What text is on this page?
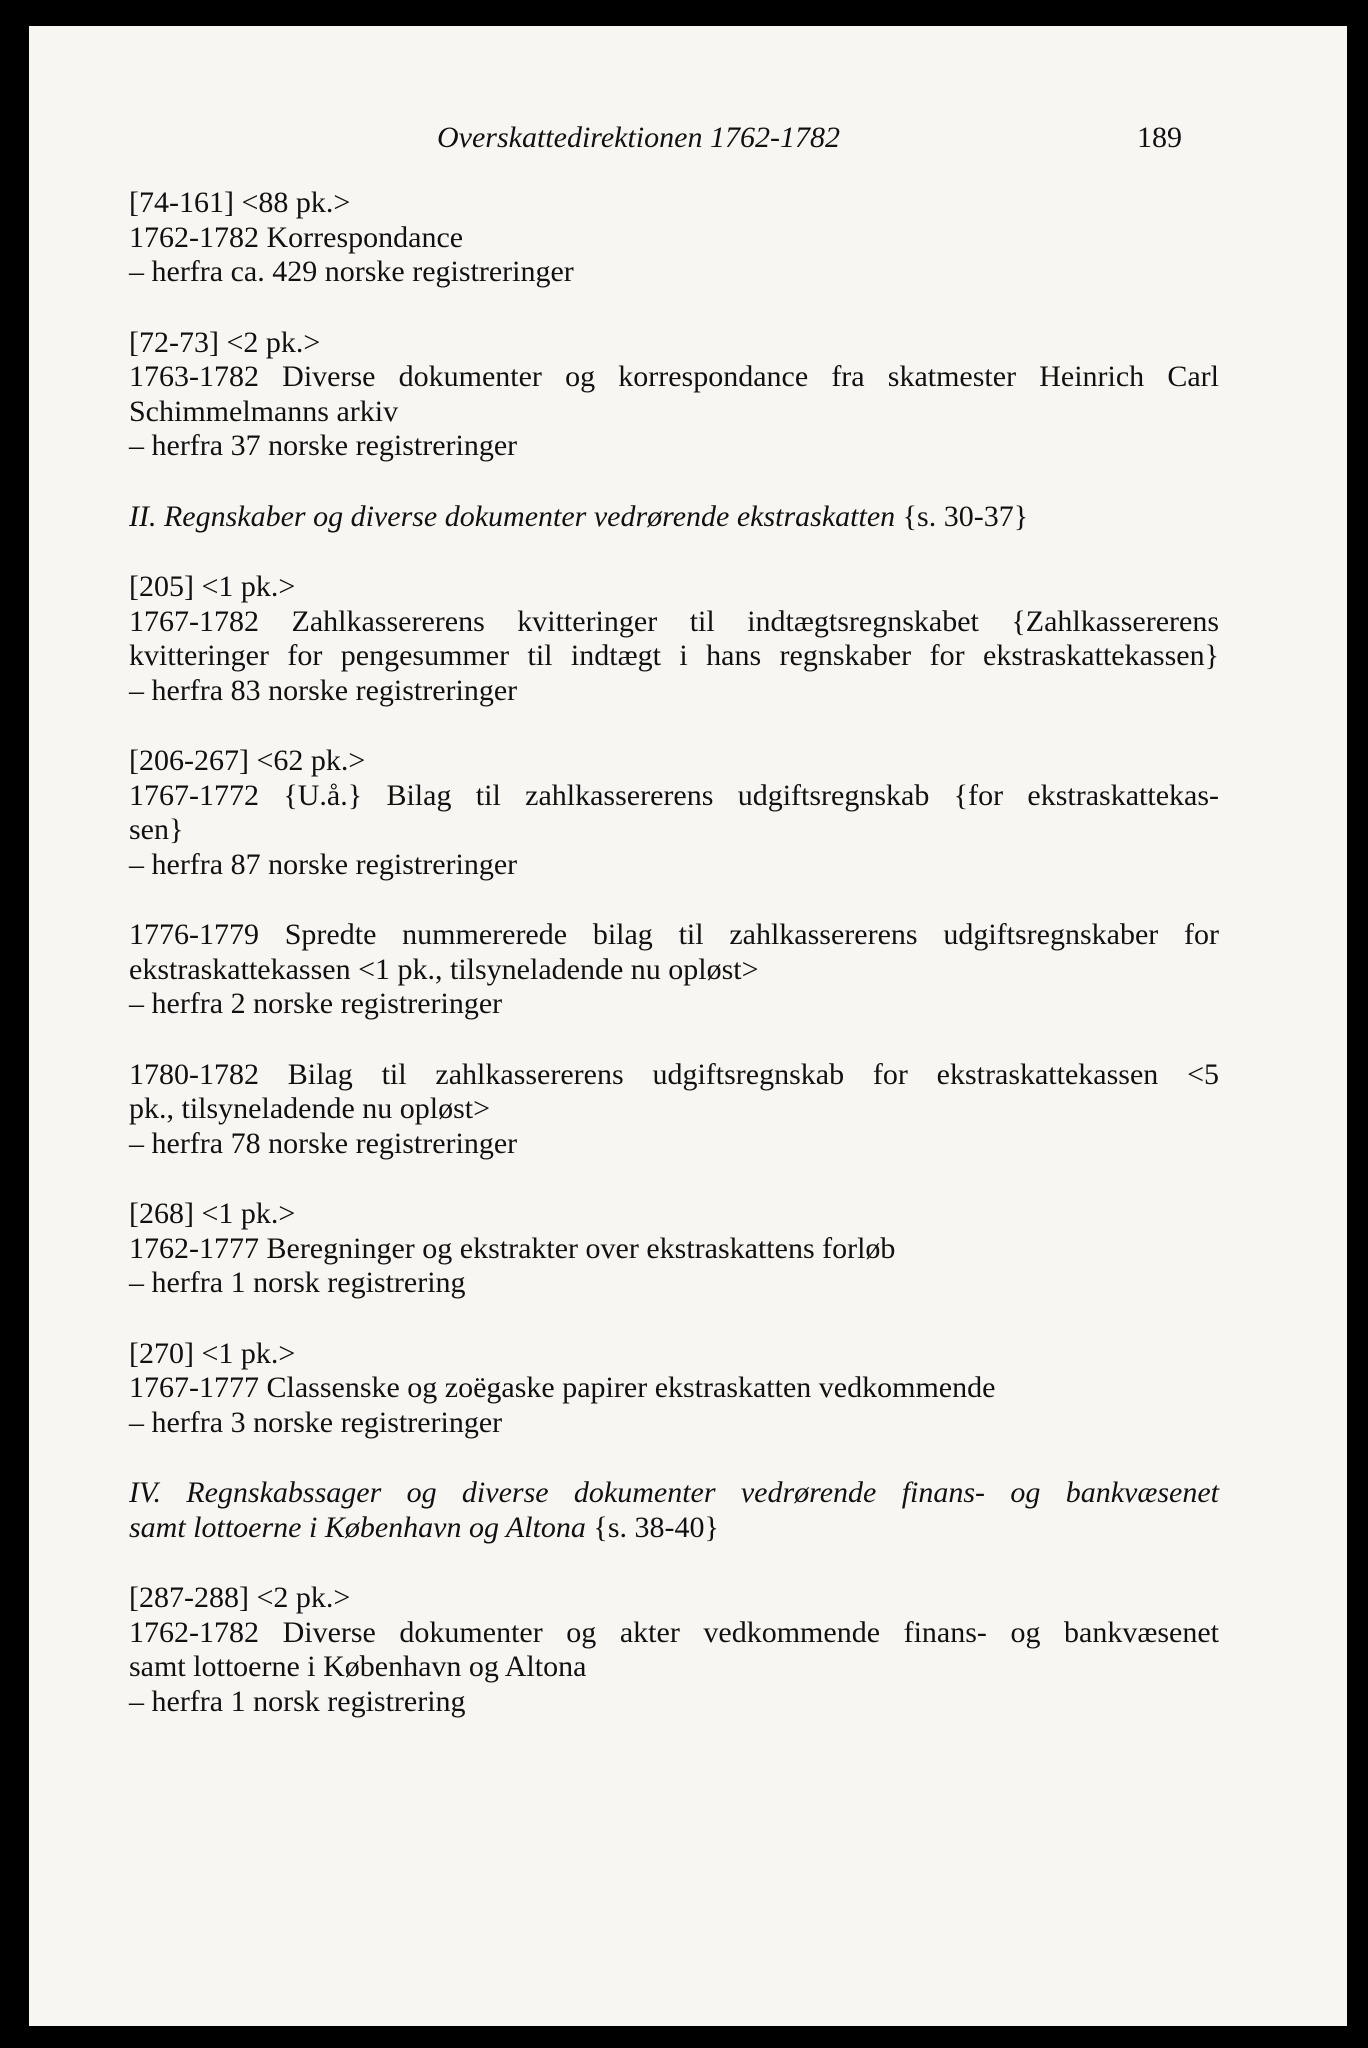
Overskattedirektionen 1762-1782	189

[74-161] <88 pk.>

1762-1782 Korrespondance

– herfra ca. 429 norske registreringer

[72-73] <2 pk.>

1763-1782 Diverse dokumenter og korrespondance fra skatmester Heinrich Carl

Schimmelmanns arkiv

– herfra 37 norske registreringer

II. Regnskaber og diverse dokumenter vedrørende ekstraskatten {s. 30-37}

[205] <1 pk.>

1767-1782 Zahlkassererens kvitteringer til indtægtsregnskabet {Zahlkassererens

kvitteringer for pengesummer til indtægt i hans regnskaber for ekstraskattekassen}

– herfra 83 norske registreringer

[206-267] <62 pk.>

1767-1772 {U.å.} Bilag til zahlkassererens udgiftsregnskab {for ekstraskattekas-

sen}

– herfra 87 norske registreringer

1776-1779 Spredte nummererede bilag til zahlkassererens udgiftsregnskaber for

ekstraskattekassen <1 pk., tilsyneladende nu opløst>

– herfra 2 norske registreringer

1780-1782 Bilag til zahlkassererens udgiftsregnskab for ekstraskattekassen <5

pk., tilsyneladende nu opløst>

– herfra 78 norske registreringer

[268] <1 pk.>

1762-1777 Beregninger og ekstrakter over ekstraskattens forløb

– herfra 1 norsk registrering

[270] <1 pk.>

1767-1777 Classenske og zoëgaske papirer ekstraskatten vedkommende

– herfra 3 norske registreringer

IV. Regnskabssager og diverse dokumenter vedrørende finans- og bankvæsenet

samt lottoerne i København og Altona {s. 38-40}

[287-288] <2 pk.>

1762-1782 Diverse dokumenter og akter vedkommende finans- og bankvæsenet

samt lottoerne i København og Altona

– herfra 1 norsk registrering
